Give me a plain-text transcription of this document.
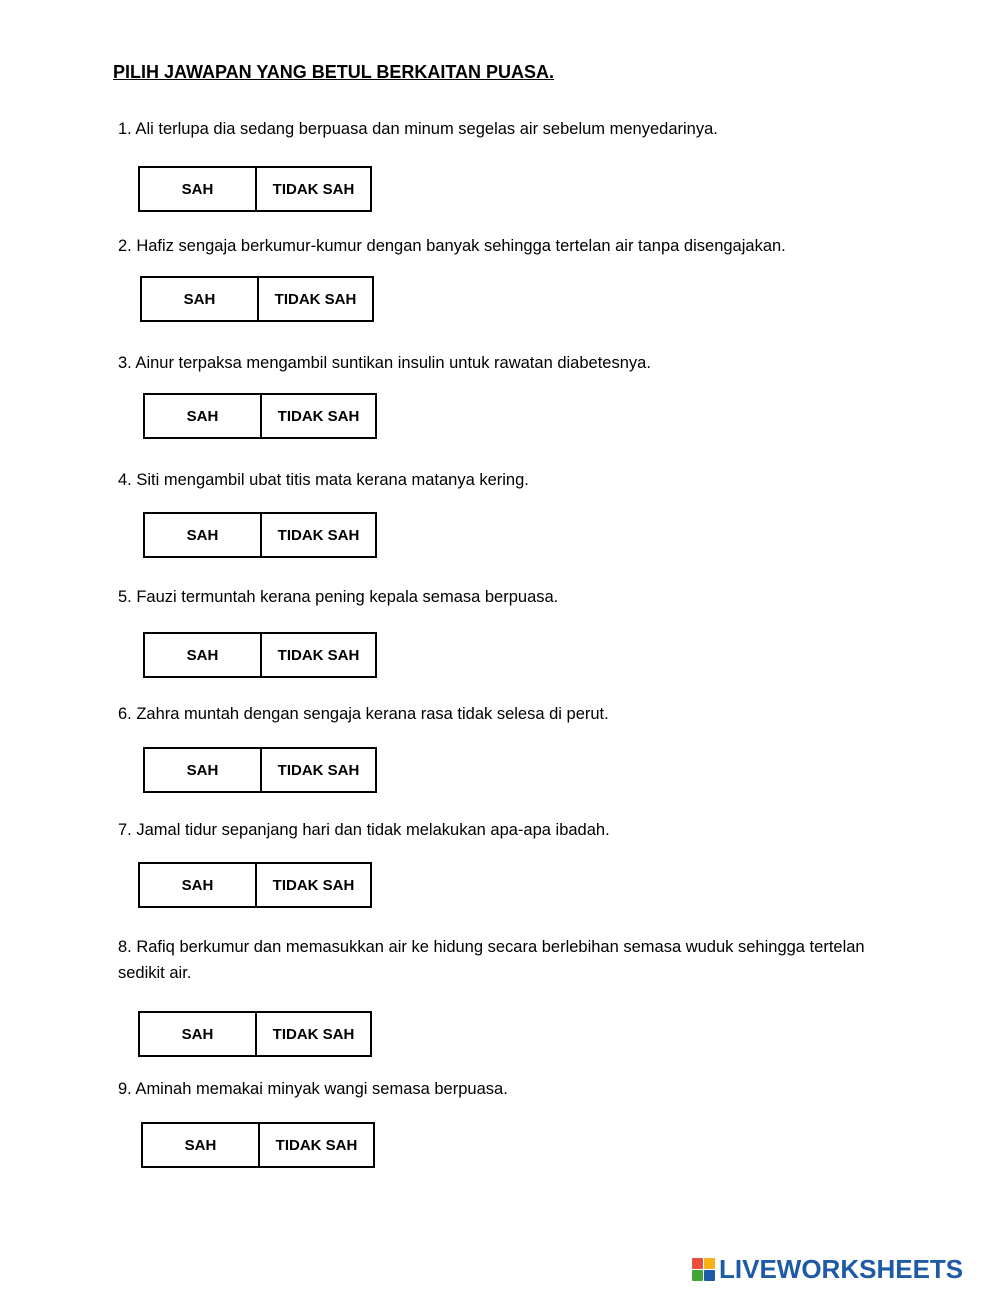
PILIH JAWAPAN YANG BETUL BERKAITAN PUASA.
1. Ali terlupa dia sedang berpuasa dan minum segelas air sebelum menyedarinya.
SAH	TIDAK SAH
2. Hafiz sengaja berkumur-kumur dengan banyak sehingga tertelan air tanpa disengajakan.
SAH	TIDAK SAH
3. Ainur terpaksa mengambil suntikan insulin untuk rawatan diabetesnya.
SAH	TIDAK SAH
4. Siti mengambil ubat titis mata kerana matanya kering.
SAH	TIDAK SAH
5. Fauzi termuntah kerana pening kepala semasa berpuasa.
SAH	TIDAK SAH
6. Zahra muntah dengan sengaja kerana rasa tidak selesa di perut.
SAH	TIDAK SAH
7. Jamal tidur sepanjang hari dan tidak melakukan apa-apa ibadah.
SAH	TIDAK SAH
8. Rafiq berkumur dan memasukkan air ke hidung secara berlebihan semasa wuduk sehingga tertelan sedikit air.
SAH	TIDAK SAH
9. Aminah memakai minyak wangi semasa berpuasa.
SAH	TIDAK SAH
LIVEWORKSHEETS
